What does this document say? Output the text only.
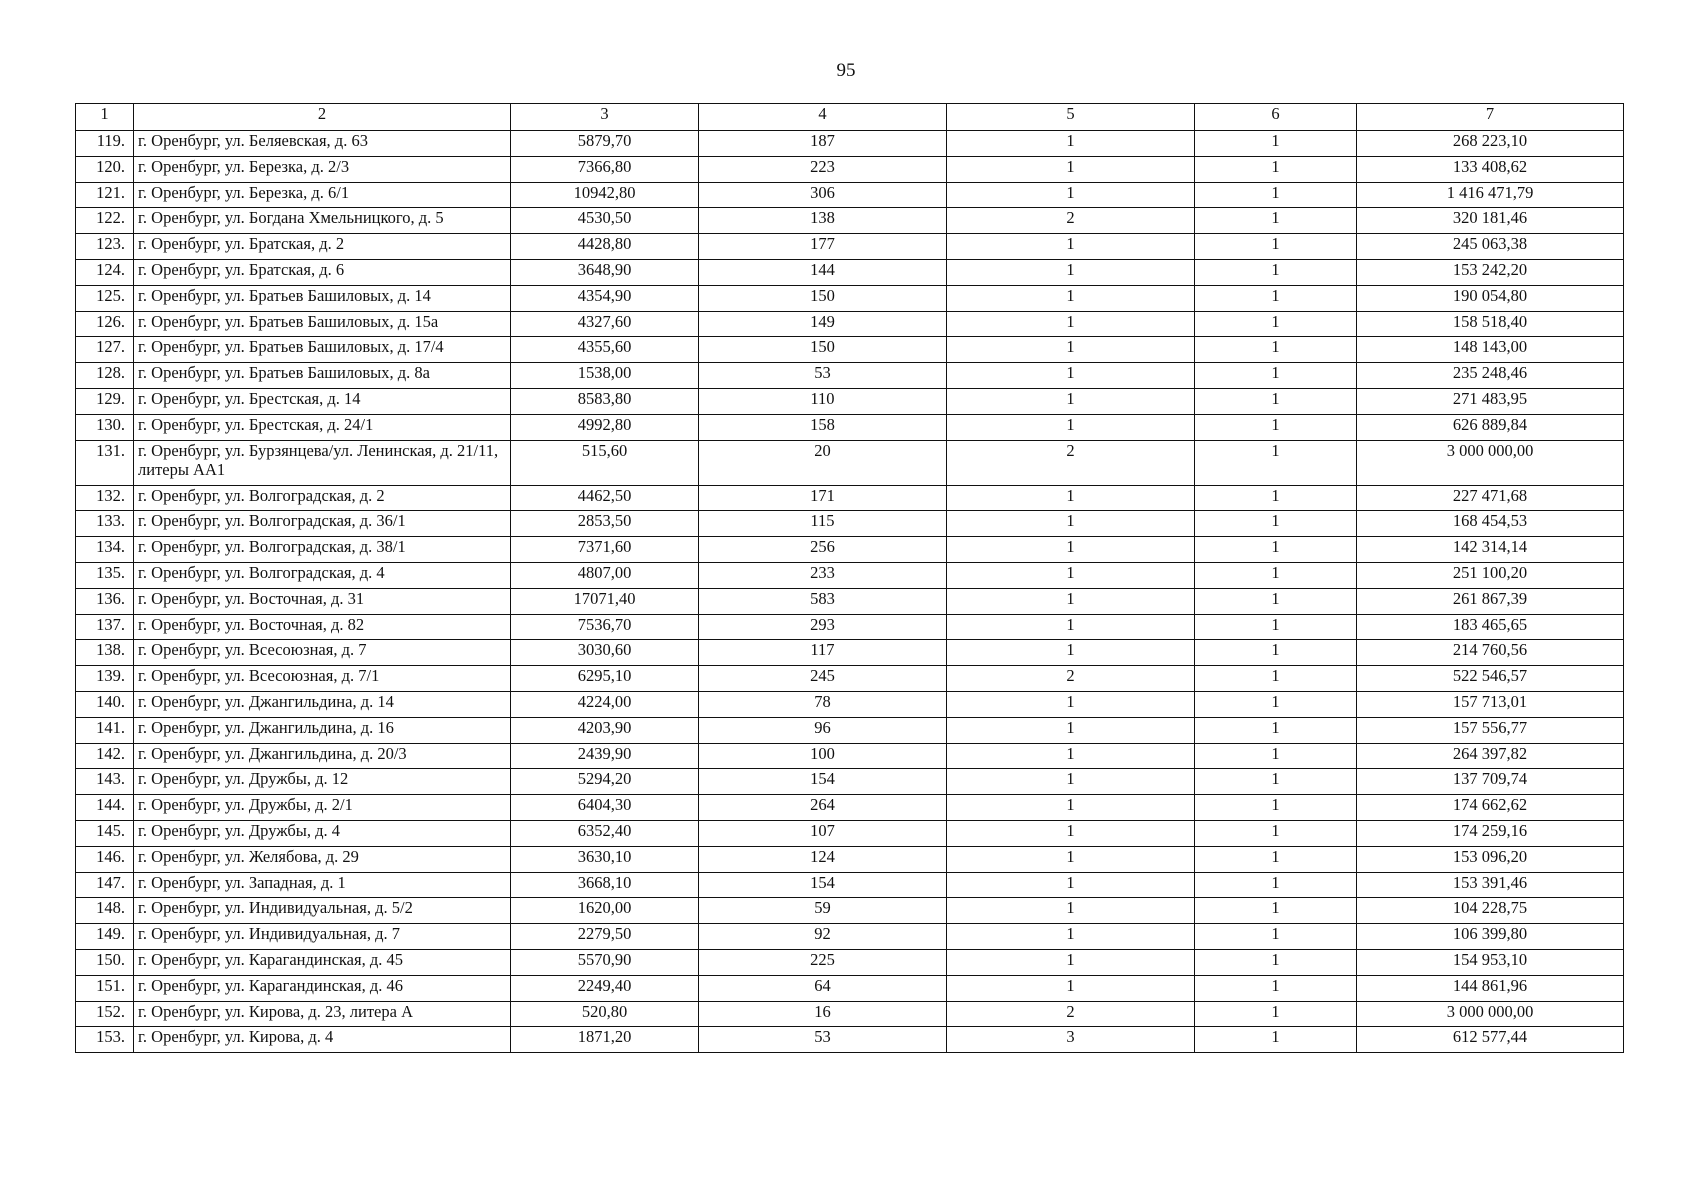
95
1	2	3	4	5	6	7
119.	г. Оренбург, ул. Беляевская, д. 63	5879,70	187	1	1	268 223,10
120.	г. Оренбург, ул. Березка, д. 2/3	7366,80	223	1	1	133 408,62
121.	г. Оренбург, ул. Березка, д. 6/1	10942,80	306	1	1	1 416 471,79
122.	г. Оренбург, ул. Богдана Хмельницкого, д. 5	4530,50	138	2	1	320 181,46
123.	г. Оренбург, ул. Братская, д. 2	4428,80	177	1	1	245 063,38
124.	г. Оренбург, ул. Братская, д. 6	3648,90	144	1	1	153 242,20
125.	г. Оренбург, ул. Братьев Башиловых, д. 14	4354,90	150	1	1	190 054,80
126.	г. Оренбург, ул. Братьев Башиловых, д. 15а	4327,60	149	1	1	158 518,40
127.	г. Оренбург, ул. Братьев Башиловых, д. 17/4	4355,60	150	1	1	148 143,00
128.	г. Оренбург, ул. Братьев Башиловых, д. 8а	1538,00	53	1	1	235 248,46
129.	г. Оренбург, ул. Брестская, д. 14	8583,80	110	1	1	271 483,95
130.	г. Оренбург, ул. Брестская, д. 24/1	4992,80	158	1	1	626 889,84
131.	г. Оренбург, ул. Бурзянцева/ул. Ленинская, д. 21/11, литеры АА1	515,60	20	2	1	3 000 000,00
132.	г. Оренбург, ул. Волгоградская, д. 2	4462,50	171	1	1	227 471,68
133.	г. Оренбург, ул. Волгоградская, д. 36/1	2853,50	115	1	1	168 454,53
134.	г. Оренбург, ул. Волгоградская, д. 38/1	7371,60	256	1	1	142 314,14
135.	г. Оренбург, ул. Волгоградская, д. 4	4807,00	233	1	1	251 100,20
136.	г. Оренбург, ул. Восточная, д. 31	17071,40	583	1	1	261 867,39
137.	г. Оренбург, ул. Восточная, д. 82	7536,70	293	1	1	183 465,65
138.	г. Оренбург, ул. Всесоюзная, д. 7	3030,60	117	1	1	214 760,56
139.	г. Оренбург, ул. Всесоюзная, д. 7/1	6295,10	245	2	1	522 546,57
140.	г. Оренбург, ул. Джангильдина, д. 14	4224,00	78	1	1	157 713,01
141.	г. Оренбург, ул. Джангильдина, д. 16	4203,90	96	1	1	157 556,77
142.	г. Оренбург, ул. Джангильдина, д. 20/3	2439,90	100	1	1	264 397,82
143.	г. Оренбург, ул. Дружбы, д. 12	5294,20	154	1	1	137 709,74
144.	г. Оренбург, ул. Дружбы, д. 2/1	6404,30	264	1	1	174 662,62
145.	г. Оренбург, ул. Дружбы, д. 4	6352,40	107	1	1	174 259,16
146.	г. Оренбург, ул. Желябова, д. 29	3630,10	124	1	1	153 096,20
147.	г. Оренбург, ул. Западная, д. 1	3668,10	154	1	1	153 391,46
148.	г. Оренбург, ул. Индивидуальная, д. 5/2	1620,00	59	1	1	104 228,75
149.	г. Оренбург, ул. Индивидуальная, д. 7	2279,50	92	1	1	106 399,80
150.	г. Оренбург, ул. Карагандинская, д. 45	5570,90	225	1	1	154 953,10
151.	г. Оренбург, ул. Карагандинская, д. 46	2249,40	64	1	1	144 861,96
152.	г. Оренбург, ул. Кирова, д. 23, литера А	520,80	16	2	1	3 000 000,00
153.	г. Оренбург, ул. Кирова, д. 4	1871,20	53	3	1	612 577,44
